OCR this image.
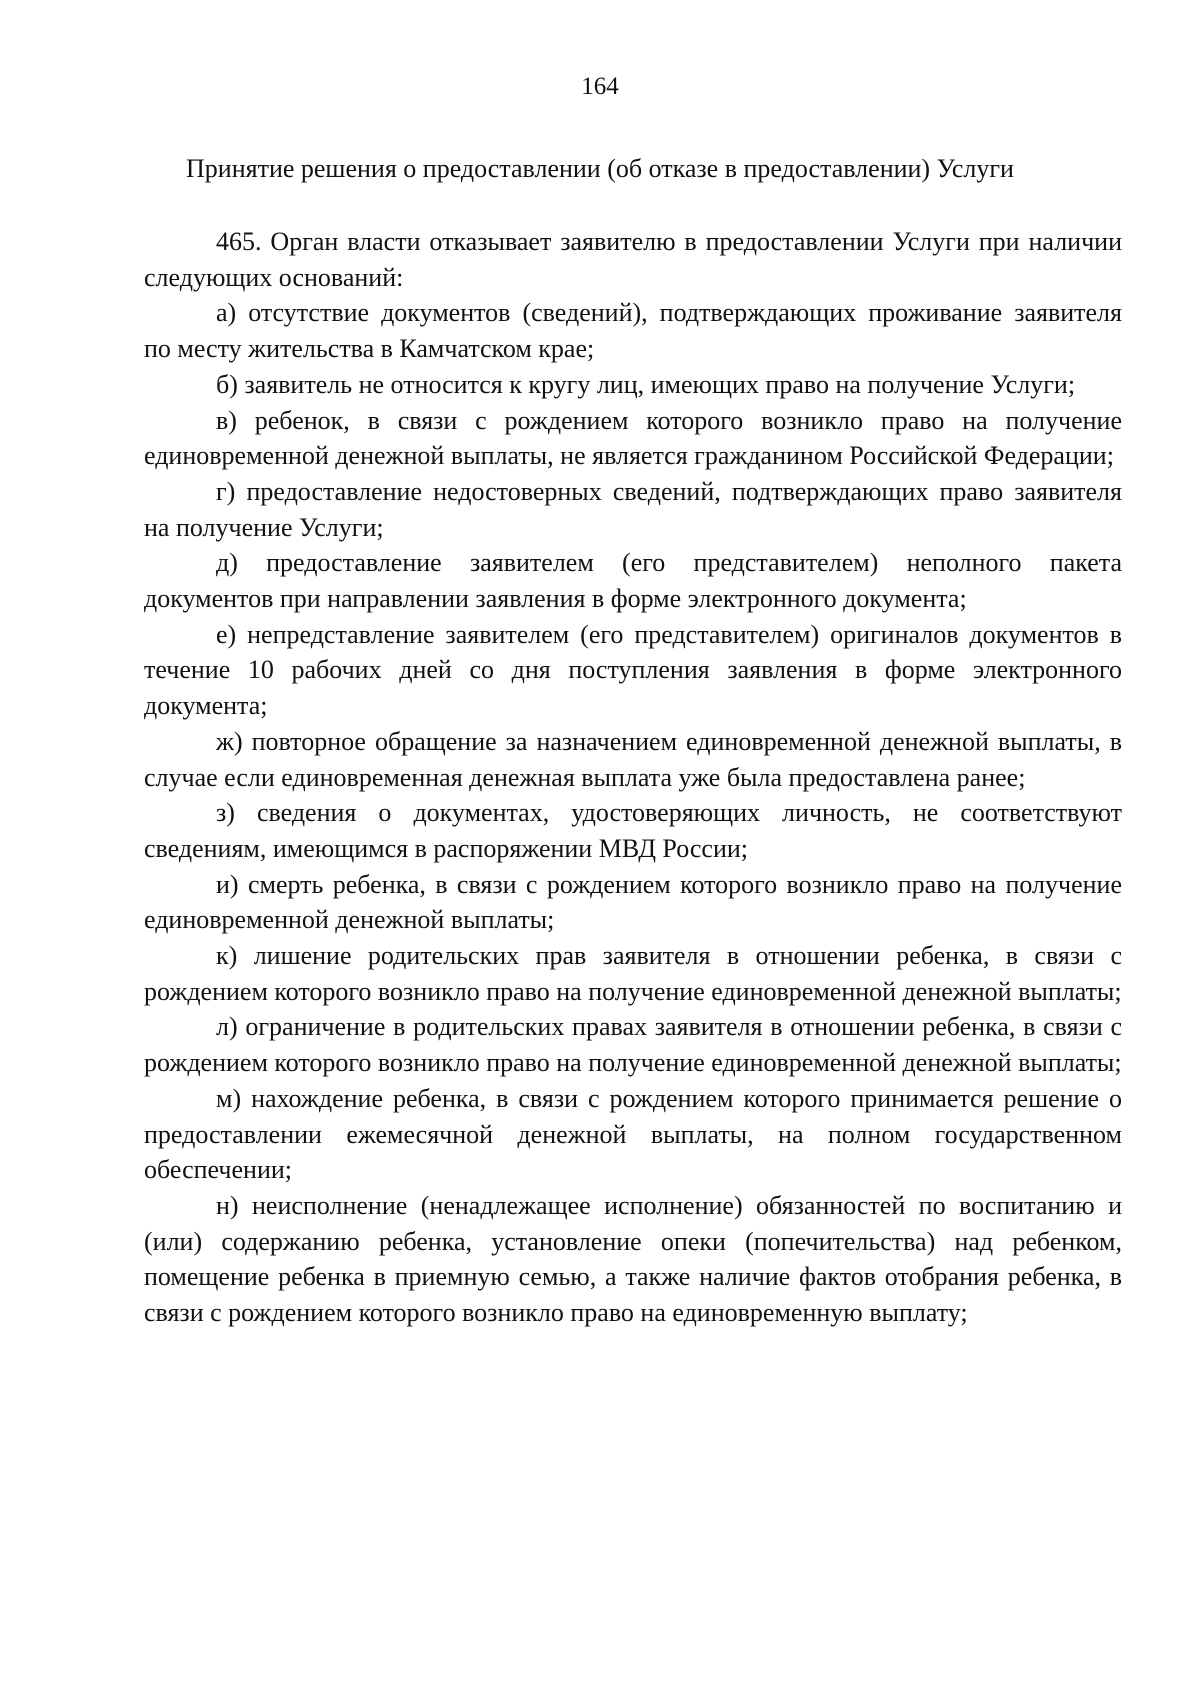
164
Принятие решения о предоставлении (об отказе в предоставлении) Услуги

465. Орган власти отказывает заявителю в предоставлении Услуги при наличии следующих оснований:

а) отсутствие документов (сведений), подтверждающих проживание заявителя по месту жительства в Камчатском крае;

б) заявитель не относится к кругу лиц, имеющих право на получение Услуги;

в) ребенок, в связи с рождением которого возникло право на получение единовременной денежной выплаты, не является гражданином Российской Федерации;

г) предоставление недостоверных сведений, подтверждающих право заявителя на получение Услуги;

д) предоставление заявителем (его представителем) неполного пакета документов при направлении заявления в форме электронного документа;

е) непредставление заявителем (его представителем) оригиналов документов в течение 10 рабочих дней со дня поступления заявления в форме электронного документа;

ж) повторное обращение за назначением единовременной денежной выплаты, в случае если единовременная денежная выплата уже была предоставлена ранее;

з) сведения о документах, удостоверяющих личность, не соответствуют сведениям, имеющимся в распоряжении МВД России;

и) смерть ребенка, в связи с рождением которого возникло право на получение единовременной денежной выплаты;

к) лишение родительских прав заявителя в отношении ребенка, в связи с рождением которого возникло право на получение единовременной денежной выплаты;

л) ограничение в родительских правах заявителя в отношении ребенка, в связи с рождением которого возникло право на получение единовременной денежной выплаты;

м) нахождение ребенка, в связи с рождением которого принимается решение о предоставлении ежемесячной денежной выплаты, на полном государственном обеспечении;

н) неисполнение (ненадлежащее исполнение) обязанностей по воспитанию и (или) содержанию ребенка, установление опеки (попечительства) над ребенком, помещение ребенка в приемную семью, а также наличие фактов отобрания ребенка, в связи с рождением которого возникло право на единовременную выплату;
